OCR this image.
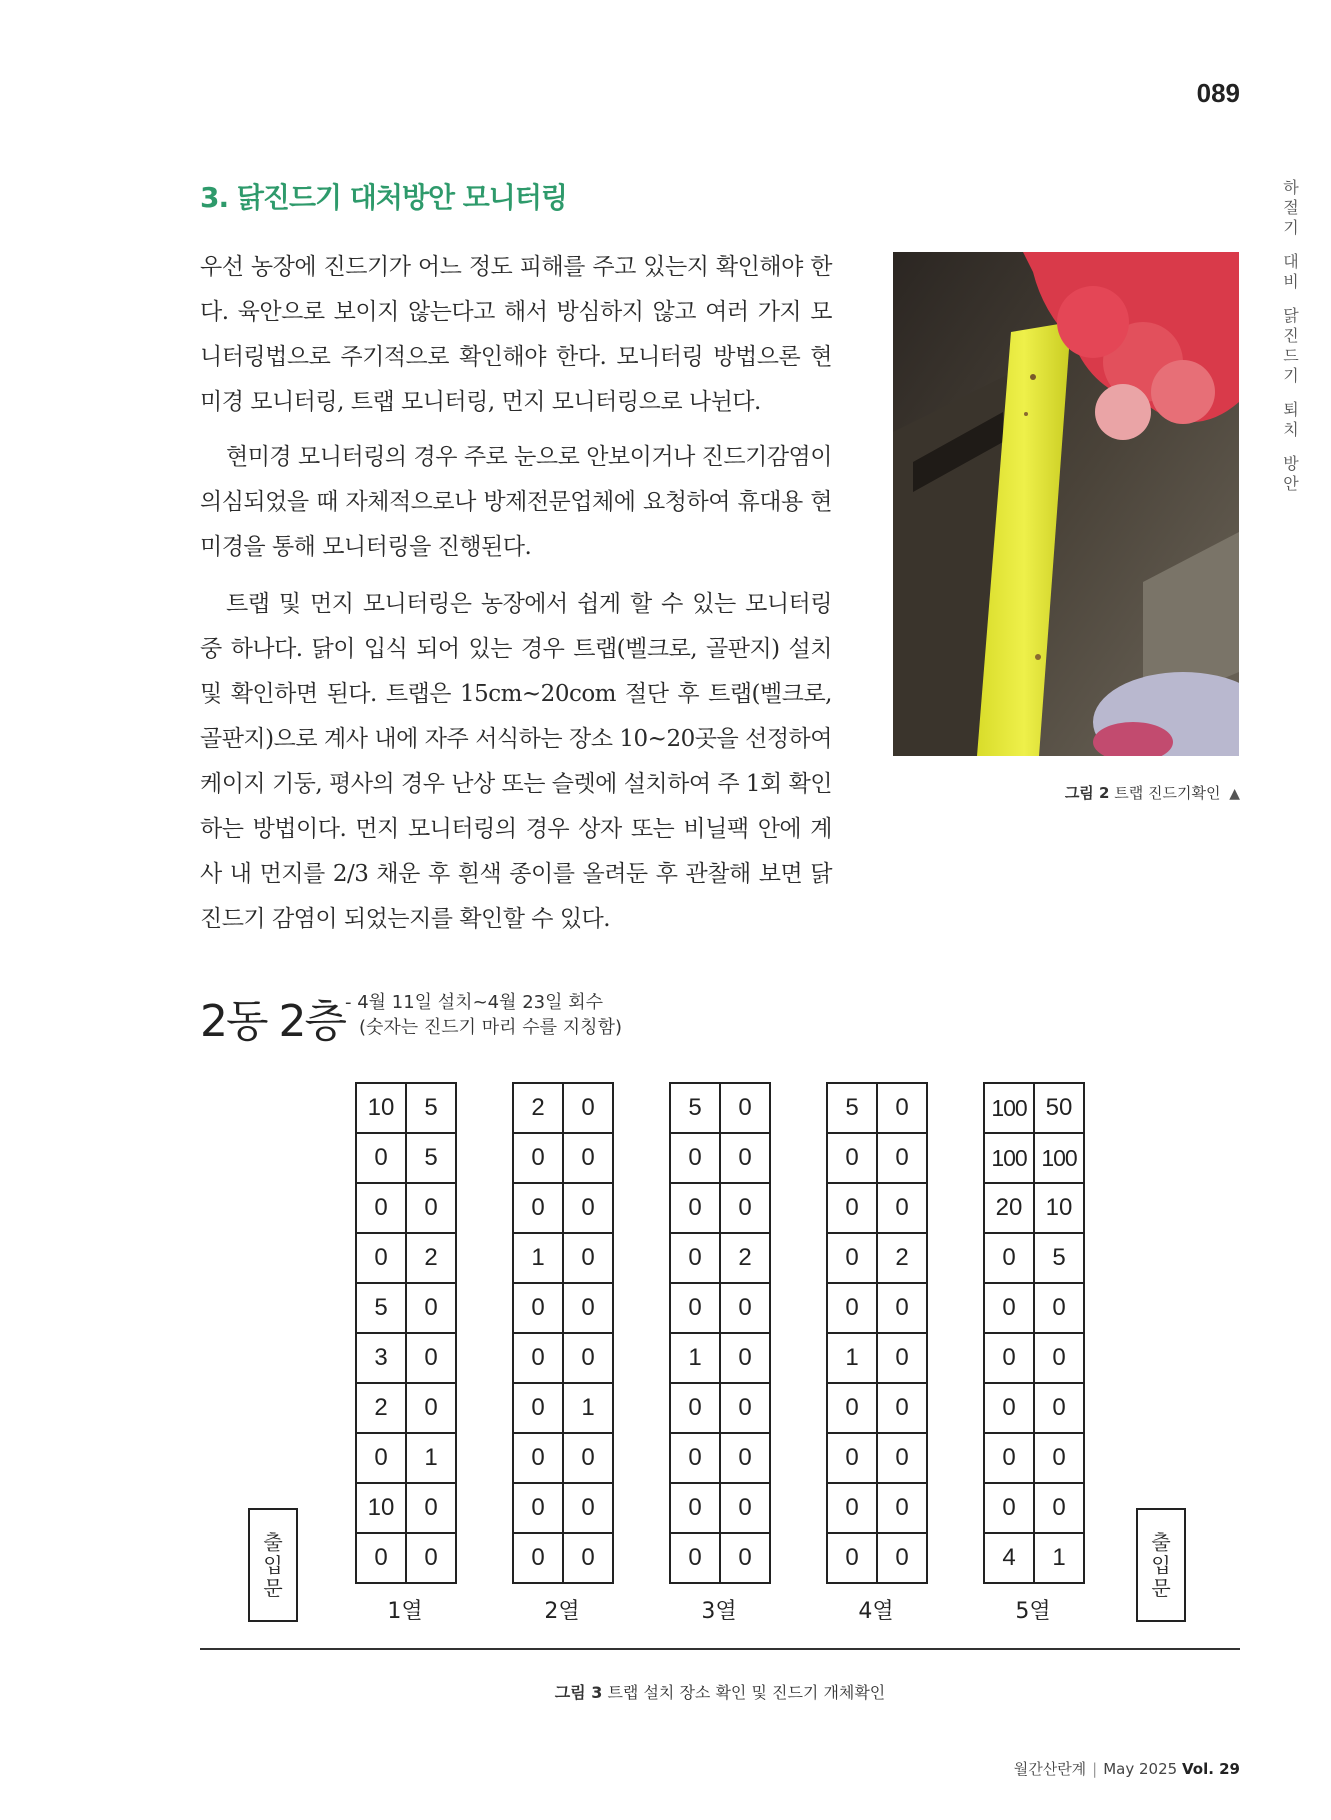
089
하
절
기
대
비
닭
진
드
기
퇴
치
방
안
3. 닭진드기 대처방안 모니터링

우선 농장에 진드기가 어느 정도 피해를 주고 있는지 확인해야 한다. 육안으로 보이지 않는다고 해서 방심하지 않고 여러 가지 모니터링법으로 주기적으로 확인해야 한다. 모니터링 방법으론 현미경 모니터링, 트랩 모니터링, 먼지 모니터링으로 나뉜다.

현미경 모니터링의 경우 주로 눈으로 안보이거나 진드기감염이 의심되었을 때 자체적으로나 방제전문업체에 요청하여 휴대용 현미경을 통해 모니터링을 진행된다.

트랩 및 먼지 모니터링은 농장에서 쉽게 할 수 있는 모니터링 중 하나다. 닭이 입식 되어 있는 경우 트랩(벨크로, 골판지) 설치 및 확인하면 된다. 트랩은 15cm~20com 절단 후 트랩(벨크로, 골판지)으로 계사 내에 자주 서식하는 장소 10~20곳을 선정하여 케이지 기둥, 평사의 경우 난상 또는 슬렛에 설치하여 주 1회 확인하는 방법이다. 먼지 모니터링의 경우 상자 또는 비닐팩 안에 계사 내 먼지를 2/3 채운 후 흰색 종이를 올려둔 후 관찰해 보면 닭 진드기 감염이 되었는지를 확인할 수 있다.

그림 2 트랩 진드기확인 ▲
2동 2층 - 4월 11일 설치~4월 23일 회수
(숫자는 진드기 마리 수를 지칭함)
10	5
0	5
0	0
0	2
5	0
3	0
2	0
0	1
10	0
0	0
1열
2	0
0	0
0	0
1	0
0	0
0	0
0	1
0	0
0	0
0	0
2열
5	0
0	0
0	0
0	2
0	0
1	0
0	0
0	0
0	0
0	0
3열
5	0
0	0
0	0
0	2
0	0
1	0
0	0
0	0
0	0
0	0
4열
100	50
100	100
20	10
0	5
0	0
0	0
0	0
0	0
0	0
4	1
5열
출
입
문
출
입
문
그림 3 트랩 설치 장소 확인 및 진드기 개체확인
월간산란계 | May 2025 Vol. 29
